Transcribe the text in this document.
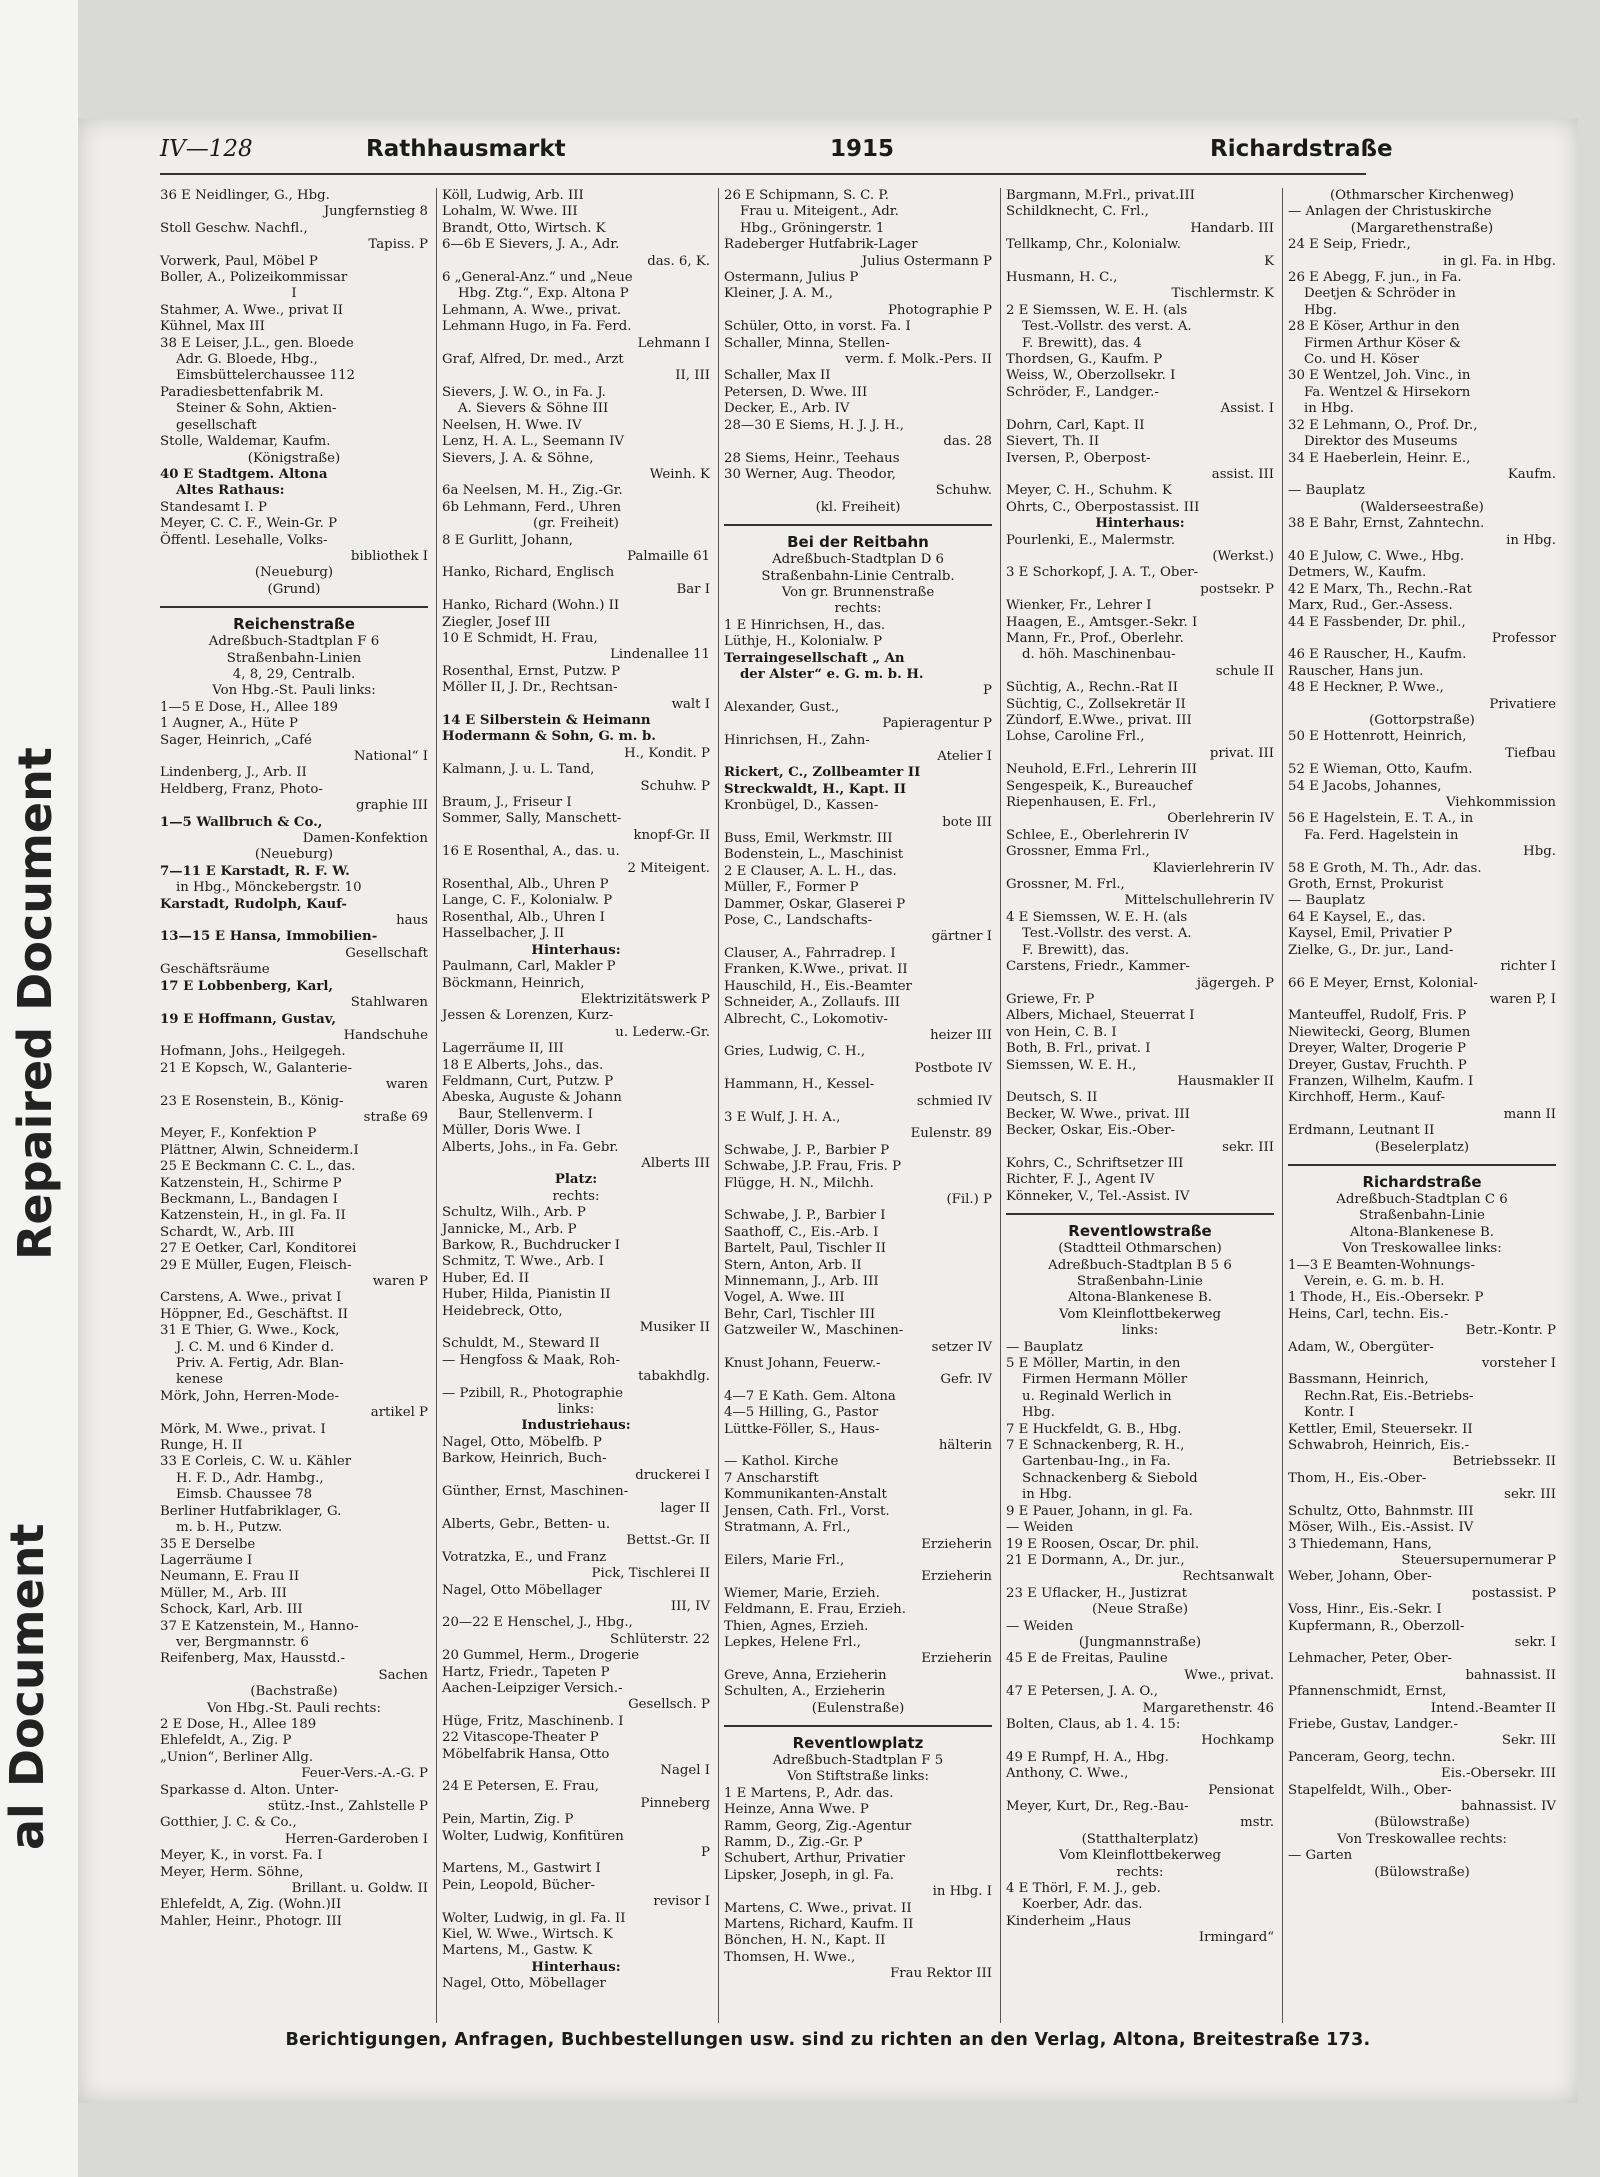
al Document
Repaired Document
IV—128	Rathhausmarkt	1915	Richardstraße
36 E Neidlinger, G., Hbg.
Jungfernstieg 8
Stoll Geschw. Nachfl.,
Tapiss. P
Vorwerk, Paul, Möbel P
Boller, A., Polizeikommissar
I
Stahmer, A. Wwe., privat II
Kühnel, Max III
38 E Leiser, J.L., gen. Bloede
Adr. G. Bloede, Hbg.,
Eimsbüttelerchaussee 112
Paradiesbettenfabrik M.
Steiner & Sohn, Aktien-
gesellschaft
Stolle, Waldemar, Kaufm.
(Königstraße)
40 E Stadtgem. Altona
Altes Rathaus:
Standesamt I. P
Meyer, C. C. F., Wein-Gr. P
Öffentl. Lesehalle, Volks-
bibliothek I
(Neueburg)
(Grund)
Reichenstraße
Adreßbuch-Stadtplan F 6
Straßenbahn-Linien
4, 8, 29, Centralb.
Von Hbg.-St. Pauli links:
1—5 E Dose, H., Allee 189
1 Augner, A., Hüte P
Sager, Heinrich, „Café
National“ I
Lindenberg, J., Arb. II
Heldberg, Franz, Photo-
graphie III
1—5 Wallbruch & Co.,
Damen-Konfektion
(Neueburg)
7—11 E Karstadt, R. F. W.
in Hbg., Mönckebergstr. 10
Karstadt, Rudolph, Kauf-
haus
13—15 E Hansa, Immobilien-
Gesellschaft
Geschäftsräume
17 E Lobbenberg, Karl,
Stahlwaren
19 E Hoffmann, Gustav,
Handschuhe
Hofmann, Johs., Heilgegeh.
21 E Kopsch, W., Galanterie-
waren
23 E Rosenstein, B., König-
straße 69
Meyer, F., Konfektion P
Plättner, Alwin, Schneiderm.I
25 E Beckmann C. C. L., das.
Katzenstein, H., Schirme P
Beckmann, L., Bandagen I
Katzenstein, H., in gl. Fa. II
Schardt, W., Arb. III
27 E Oetker, Carl, Konditorei
29 E Müller, Eugen, Fleisch-
waren P
Carstens, A. Wwe., privat I
Höppner, Ed., Geschäftst. II
31 E Thier, G. Wwe., Kock,
J. C. M. und 6 Kinder d.
Priv. A. Fertig, Adr. Blan-
kenese
Mörk, John, Herren-Mode-
artikel P
Mörk, M. Wwe., privat. I
Runge, H. II
33 E Corleis, C. W. u. Kähler
H. F. D., Adr. Hambg.,
Eimsb. Chaussee 78
Berliner Hutfabriklager, G.
m. b. H., Putzw.
35 E Derselbe
Lagerräume I
Neumann, E. Frau II
Müller, M., Arb. III
Schock, Karl, Arb. III
37 E Katzenstein, M., Hanno-
ver, Bergmannstr. 6
Reifenberg, Max, Hausstd.-
Sachen
(Bachstraße)
Von Hbg.-St. Pauli rechts:
2 E Dose, H., Allee 189
Ehlefeldt, A., Zig. P
„Union“, Berliner Allg.
Feuer-Vers.-A.-G. P
Sparkasse d. Alton. Unter-
stütz.-Inst., Zahlstelle P
Gotthier, J. C. & Co.,
Herren-Garderoben I
Meyer, K., in vorst. Fa. I
Meyer, Herm. Söhne,
Brillant. u. Goldw. II
Ehlefeldt, A, Zig. (Wohn.)II
Mahler, Heinr., Photogr. III
Köll, Ludwig, Arb. III
Lohalm, W. Wwe. III
Brandt, Otto, Wirtsch. K
6—6b E Sievers, J. A., Adr.
das. 6, K.
6 „General-Anz.“ und „Neue
Hbg. Ztg.“, Exp. Altona P
Lehmann, A. Wwe., privat.
Lehmann Hugo, in Fa. Ferd.
Lehmann I
Graf, Alfred, Dr. med., Arzt
II, III
Sievers, J. W. O., in Fa. J.
A. Sievers & Söhne III
Neelsen, H. Wwe. IV
Lenz, H. A. L., Seemann IV
Sievers, J. A. & Söhne,
Weinh. K
6a Neelsen, M. H., Zig.-Gr.
6b Lehmann, Ferd., Uhren
(gr. Freiheit)
8 E Gurlitt, Johann,
Palmaille 61
Hanko, Richard, Englisch
Bar I
Hanko, Richard (Wohn.) II
Ziegler, Josef III
10 E Schmidt, H. Frau,
Lindenallee 11
Rosenthal, Ernst, Putzw. P
Möller II, J. Dr., Rechtsan-
walt I
14 E Silberstein & Heimann
Hodermann & Sohn, G. m. b.
H., Kondit. P
Kalmann, J. u. L. Tand,
Schuhw. P
Braum, J., Friseur I
Sommer, Sally, Manschett-
knopf-Gr. II
16 E Rosenthal, A., das. u.
2 Miteigent.
Rosenthal, Alb., Uhren P
Lange, C. F., Kolonialw. P
Rosenthal, Alb., Uhren I
Hasselbacher, J. II
Hinterhaus:
Paulmann, Carl, Makler P
Böckmann, Heinrich,
Elektrizitätswerk P
Jessen & Lorenzen, Kurz-
u. Lederw.-Gr.
Lagerräume II, III
18 E Alberts, Johs., das.
Feldmann, Curt, Putzw. P
Abeska, Auguste & Johann
Baur, Stellenverm. I
Müller, Doris Wwe. I
Alberts, Johs., in Fa. Gebr.
Alberts III
Platz:
rechts:
Schultz, Wilh., Arb. P
Jannicke, M., Arb. P
Barkow, R., Buchdrucker I
Schmitz, T. Wwe., Arb. I
Huber, Ed. II
Huber, Hilda, Pianistin II
Heidebreck, Otto,
Musiker II
Schuldt, M., Steward II
— Hengfoss & Maak, Roh-
tabakhdlg.
— Pzibill, R., Photographie
links:
Industriehaus:
Nagel, Otto, Möbelfb. P
Barkow, Heinrich, Buch-
druckerei I
Günther, Ernst, Maschinen-
lager II
Alberts, Gebr., Betten- u.
Bettst.-Gr. II
Votratzka, E., und Franz
Pick, Tischlerei II
Nagel, Otto Möbellager
III, IV
20—22 E Henschel, J., Hbg.,
Schlüterstr. 22
20 Gummel, Herm., Drogerie
Hartz, Friedr., Tapeten P
Aachen-Leipziger Versich.-
Gesellsch. P
Hüge, Fritz, Maschinenb. I
22 Vitascope-Theater P
Möbelfabrik Hansa, Otto
Nagel I
24 E Petersen, E. Frau,
Pinneberg
Pein, Martin, Zig. P
Wolter, Ludwig, Konfitüren
P
Martens, M., Gastwirt I
Pein, Leopold, Bücher-
revisor I
Wolter, Ludwig, in gl. Fa. II
Kiel, W. Wwe., Wirtsch. K
Martens, M., Gastw. K
Hinterhaus:
Nagel, Otto, Möbellager
26 E Schipmann, S. C. P.
Frau u. Miteigent., Adr.
Hbg., Gröningerstr. 1
Radeberger Hutfabrik-Lager
Julius Ostermann P
Ostermann, Julius P
Kleiner, J. A. M.,
Photographie P
Schüler, Otto, in vorst. Fa. I
Schaller, Minna, Stellen-
verm. f. Molk.-Pers. II
Schaller, Max II
Petersen, D. Wwe. III
Decker, E., Arb. IV
28—30 E Siems, H. J. J. H.,
das. 28
28 Siems, Heinr., Teehaus
30 Werner, Aug. Theodor,
Schuhw.
(kl. Freiheit)
Bei der Reitbahn
Adreßbuch-Stadtplan D 6
Straßenbahn-Linie Centralb.
Von gr. Brunnenstraße
rechts:
1 E Hinrichsen, H., das.
Lüthje, H., Kolonialw. P
Terraingesellschaft „ An
der Alster“ e. G. m. b. H.
P
Alexander, Gust.,
Papieragentur P
Hinrichsen, H., Zahn-
Atelier I
Rickert, C., Zollbeamter II
Streckwaldt, H., Kapt. II
Kronbügel, D., Kassen-
bote III
Buss, Emil, Werkmstr. III
Bodenstein, L., Maschinist
2 E Clauser, A. L. H., das.
Müller, F., Former P
Dammer, Oskar, Glaserei P
Pose, C., Landschafts-
gärtner I
Clauser, A., Fahrradrep. I
Franken, K.Wwe., privat. II
Hauschild, H., Eis.-Beamter
Schneider, A., Zollaufs. III
Albrecht, C., Lokomotiv-
heizer III
Gries, Ludwig, C. H.,
Postbote IV
Hammann, H., Kessel-
schmied IV
3 E Wulf, J. H. A.,
Eulenstr. 89
Schwabe, J. P., Barbier P
Schwabe, J.P. Frau, Fris. P
Flügge, H. N., Milchh.
(Fil.) P
Schwabe, J. P., Barbier I
Saathoff, C., Eis.-Arb. I
Bartelt, Paul, Tischler II
Stern, Anton, Arb. II
Minnemann, J., Arb. III
Vogel, A. Wwe. III
Behr, Carl, Tischler III
Gatzweiler W., Maschinen-
setzer IV
Knust Johann, Feuerw.-
Gefr. IV
4—7 E Kath. Gem. Altona
4—5 Hilling, G., Pastor
Lüttke-Föller, S., Haus-
hälterin
— Kathol. Kirche
7 Anscharstift
Kommunikanten-Anstalt
Jensen, Cath. Frl., Vorst.
Stratmann, A. Frl.,
Erzieherin
Eilers, Marie Frl.,
Erzieherin
Wiemer, Marie, Erzieh.
Feldmann, E. Frau, Erzieh.
Thien, Agnes, Erzieh.
Lepkes, Helene Frl.,
Erzieherin
Greve, Anna, Erzieherin
Schulten, A., Erzieherin
(Eulenstraße)
Reventlowplatz
Adreßbuch-Stadtplan F 5
Von Stiftstraße links:
1 E Martens, P., Adr. das.
Heinze, Anna Wwe. P
Ramm, Georg, Zig.-Agentur
Ramm, D., Zig.-Gr. P
Schubert, Arthur, Privatier
Lipsker, Joseph, in gl. Fa.
in Hbg. I
Martens, C. Wwe., privat. II
Martens, Richard, Kaufm. II
Bönchen, H. N., Kapt. II
Thomsen, H. Wwe.,
Frau Rektor III
Bargmann, M.Frl., privat.III
Schildknecht, C. Frl.,
Handarb. III
Tellkamp, Chr., Kolonialw.
K
Husmann, H. C.,
Tischlermstr. K
2 E Siemssen, W. E. H. (als
Test.-Vollstr. des verst. A.
F. Brewitt), das. 4
Thordsen, G., Kaufm. P
Weiss, W., Oberzollsekr. I
Schröder, F., Landger.-
Assist. I
Dohrn, Carl, Kapt. II
Sievert, Th. II
Iversen, P., Oberpost-
assist. III
Meyer, C. H., Schuhm. K
Ohrts, C., Oberpostassist. III
Hinterhaus:
Pourlenki, E., Malermstr.
(Werkst.)
3 E Schorkopf, J. A. T., Ober-
postsekr. P
Wienker, Fr., Lehrer I
Haagen, E., Amtsger.-Sekr. I
Mann, Fr., Prof., Oberlehr.
d. höh. Maschinenbau-
schule II
Süchtig, A., Rechn.-Rat II
Süchtig, C., Zollsekretär II
Zündorf, E.Wwe., privat. III
Lohse, Caroline Frl.,
privat. III
Neuhold, E.Frl., Lehrerin III
Sengespeik, K., Bureauchef
Riepenhausen, E. Frl.,
Oberlehrerin IV
Schlee, E., Oberlehrerin IV
Grossner, Emma Frl.,
Klavierlehrerin IV
Grossner, M. Frl.,
Mittelschullehrerin IV
4 E Siemssen, W. E. H. (als
Test.-Vollstr. des verst. A.
F. Brewitt), das.
Carstens, Friedr., Kammer-
jägergeh. P
Griewe, Fr. P
Albers, Michael, Steuerrat I
von Hein, C. B. I
Both, B. Frl., privat. I
Siemssen, W. E. H.,
Hausmakler II
Deutsch, S. II
Becker, W. Wwe., privat. III
Becker, Oskar, Eis.-Ober-
sekr. III
Kohrs, C., Schriftsetzer III
Richter, F. J., Agent IV
Könneker, V., Tel.-Assist. IV
Reventlowstraße
(Stadtteil Othmarschen)
Adreßbuch-Stadtplan B 5 6
Straßenbahn-Linie
Altona-Blankenese B.
Vom Kleinflottbekerweg
links:
— Bauplatz
5 E Möller, Martin, in den
Firmen Hermann Möller
u. Reginald Werlich in
Hbg.
7 E Huckfeldt, G. B., Hbg.
7 E Schnackenberg, R. H.,
Gartenbau-Ing., in Fa.
Schnackenberg & Siebold
in Hbg.
9 E Pauer, Johann, in gl. Fa.
— Weiden
19 E Roosen, Oscar, Dr. phil.
21 E Dormann, A., Dr. jur.,
Rechtsanwalt
23 E Uflacker, H., Justizrat
(Neue Straße)
— Weiden
(Jungmannstraße)
45 E de Freitas, Pauline
Wwe., privat.
47 E Petersen, J. A. O.,
Margarethenstr. 46
Bolten, Claus, ab 1. 4. 15:
Hochkamp
49 E Rumpf, H. A., Hbg.
Anthony, C. Wwe.,
Pensionat
Meyer, Kurt, Dr., Reg.-Bau-
mstr.
(Statthalterplatz)
Vom Kleinflottbekerweg
rechts:
4 E Thörl, F. M. J., geb.
Koerber, Adr. das.
Kinderheim „Haus
Irmingard“
(Othmarscher Kirchenweg)
— Anlagen der Christuskirche
(Margarethenstraße)
24 E Seip, Friedr.,
in gl. Fa. in Hbg.
26 E Abegg, F. jun., in Fa.
Deetjen & Schröder in
Hbg.
28 E Köser, Arthur in den
Firmen Arthur Köser &
Co. und H. Köser
30 E Wentzel, Joh. Vinc., in
Fa. Wentzel & Hirsekorn
in Hbg.
32 E Lehmann, O., Prof. Dr.,
Direktor des Museums
34 E Haeberlein, Heinr. E.,
Kaufm.
— Bauplatz
(Walderseestraße)
38 E Bahr, Ernst, Zahntechn.
in Hbg.
40 E Julow, C. Wwe., Hbg.
Detmers, W., Kaufm.
42 E Marx, Th., Rechn.-Rat
Marx, Rud., Ger.-Assess.
44 E Fassbender, Dr. phil.,
Professor
46 E Rauscher, H., Kaufm.
Rauscher, Hans jun.
48 E Heckner, P. Wwe.,
Privatiere
(Gottorpstraße)
50 E Hottenrott, Heinrich,
Tiefbau
52 E Wieman, Otto, Kaufm.
54 E Jacobs, Johannes,
Viehkommission
56 E Hagelstein, E. T. A., in
Fa. Ferd. Hagelstein in
Hbg.
58 E Groth, M. Th., Adr. das.
Groth, Ernst, Prokurist
— Bauplatz
64 E Kaysel, E., das.
Kaysel, Emil, Privatier P
Zielke, G., Dr. jur., Land-
richter I
66 E Meyer, Ernst, Kolonial-
waren P, I
Manteuffel, Rudolf, Fris. P
Niewitecki, Georg, Blumen
Dreyer, Walter, Drogerie P
Dreyer, Gustav, Fruchth. P
Franzen, Wilhelm, Kaufm. I
Kirchhoff, Herm., Kauf-
mann II
Erdmann, Leutnant II
(Beselerplatz)
Richardstraße
Adreßbuch-Stadtplan C 6
Straßenbahn-Linie
Altona-Blankenese B.
Von Treskowallee links:
1—3 E Beamten-Wohnungs-
Verein, e. G. m. b. H.
1 Thode, H., Eis.-Obersekr. P
Heins, Carl, techn. Eis.-
Betr.-Kontr. P
Adam, W., Obergüter-
vorsteher I
Bassmann, Heinrich,
Rechn.Rat, Eis.-Betriebs-
Kontr. I
Kettler, Emil, Steuersekr. II
Schwabroh, Heinrich, Eis.-
Betriebssekr. II
Thom, H., Eis.-Ober-
sekr. III
Schultz, Otto, Bahnmstr. III
Möser, Wilh., Eis.-Assist. IV
3 Thiedemann, Hans,
Steuersupernumerar P
Weber, Johann, Ober-
postassist. P
Voss, Hinr., Eis.-Sekr. I
Kupfermann, R., Oberzoll-
sekr. I
Lehmacher, Peter, Ober-
bahnassist. II
Pfannenschmidt, Ernst,
Intend.-Beamter II
Friebe, Gustav, Landger.-
Sekr. III
Panceram, Georg, techn.
Eis.-Obersekr. III
Stapelfeldt, Wilh., Ober-
bahnassist. IV
(Bülowstraße)
Von Treskowallee rechts:
— Garten
(Bülowstraße)
Berichtigungen, Anfragen, Buchbestellungen usw. sind zu richten an den Verlag, Altona, Breitestraße 173.
